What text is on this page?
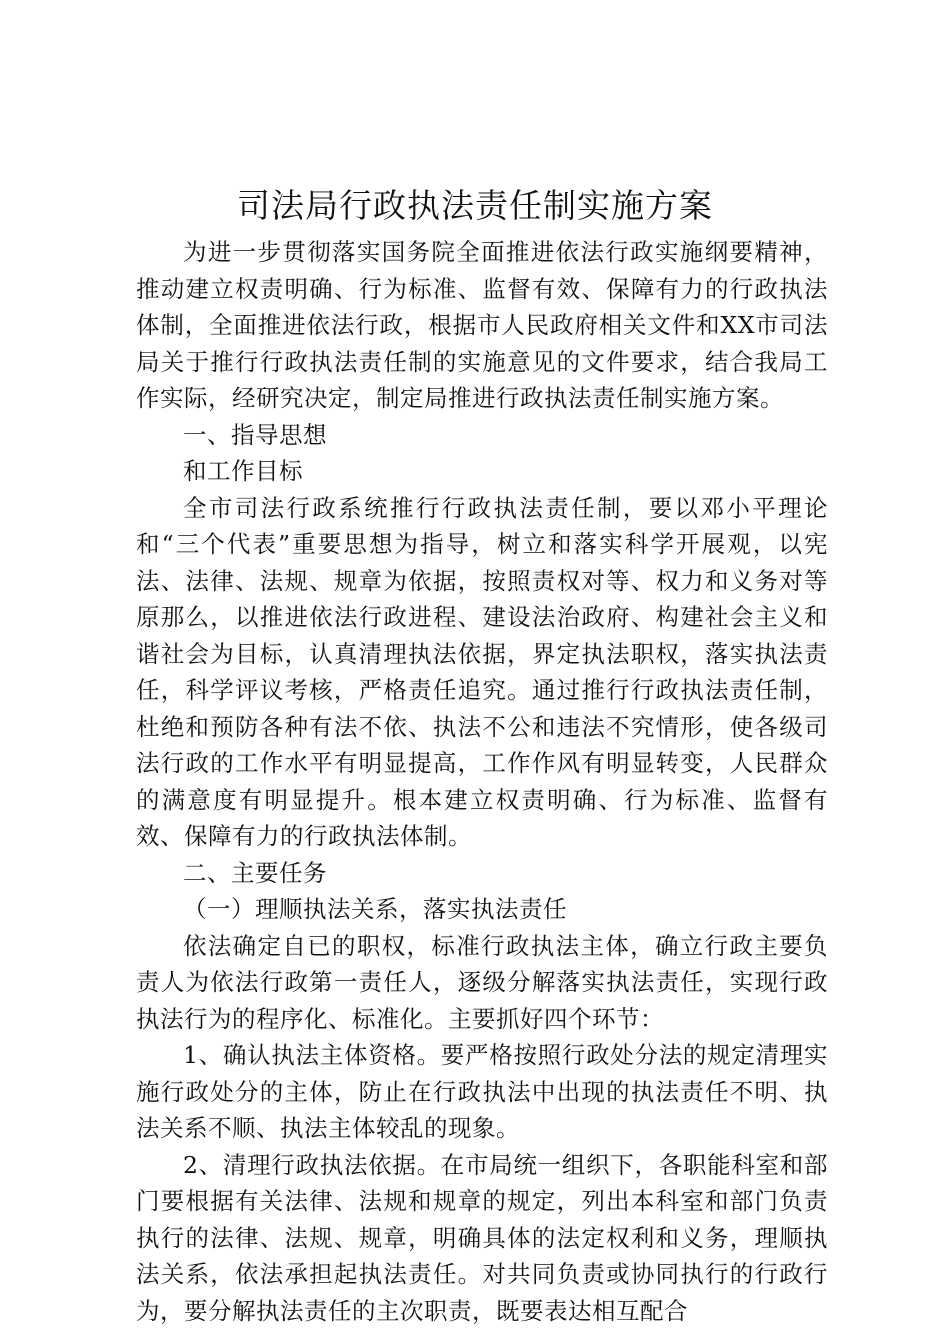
司法局行政执法责任制实施方案

为进一步贯彻落实国务院全面推进依法行政实施纲要精神，推动建立权责明确、行为标准、监督有效、保障有力的行政执法体制，全面推进依法行政，根据市人民政府相关文件和XX市司法局关于推行行政执法责任制的实施意见的文件要求，结合我局工作实际，经研究决定，制定局推进行政执法责任制实施方案。

一、指导思想

和工作目标

全市司法行政系统推行行政执法责任制，要以邓小平理论和“三个代表”重要思想为指导，树立和落实科学开展观，以宪法、法律、法规、规章为依据，按照责权对等、权力和义务对等原那么，以推进依法行政进程、建设法治政府、构建社会主义和谐社会为目标，认真清理执法依据，界定执法职权，落实执法责任，科学评议考核，严格责任追究。通过推行行政执法责任制，杜绝和预防各种有法不依、执法不公和违法不究情形，使各级司法行政的工作水平有明显提高，工作作风有明显转变，人民群众的满意度有明显提升。根本建立权责明确、行为标准、监督有效、保障有力的行政执法体制。

二、主要任务

（一）理顺执法关系，落实执法责任

依法确定自已的职权，标准行政执法主体，确立行政主要负责人为依法行政第一责任人，逐级分解落实执法责任，实现行政执法行为的程序化、标准化。主要抓好四个环节：

1、确认执法主体资格。要严格按照行政处分法的规定清理实施行政处分的主体，防止在行政执法中出现的执法责任不明、执法关系不顺、执法主体较乱的现象。

2、清理行政执法依据。在市局统一组织下，各职能科室和部门要根据有关法律、法规和规章的规定，列出本科室和部门负责执行的法律、法规、规章，明确具体的法定权利和义务，理顺执法关系，依法承担起执法责任。对共同负责或协同执行的行政行为，要分解执法责任的主次职责，既要表达相互配合
